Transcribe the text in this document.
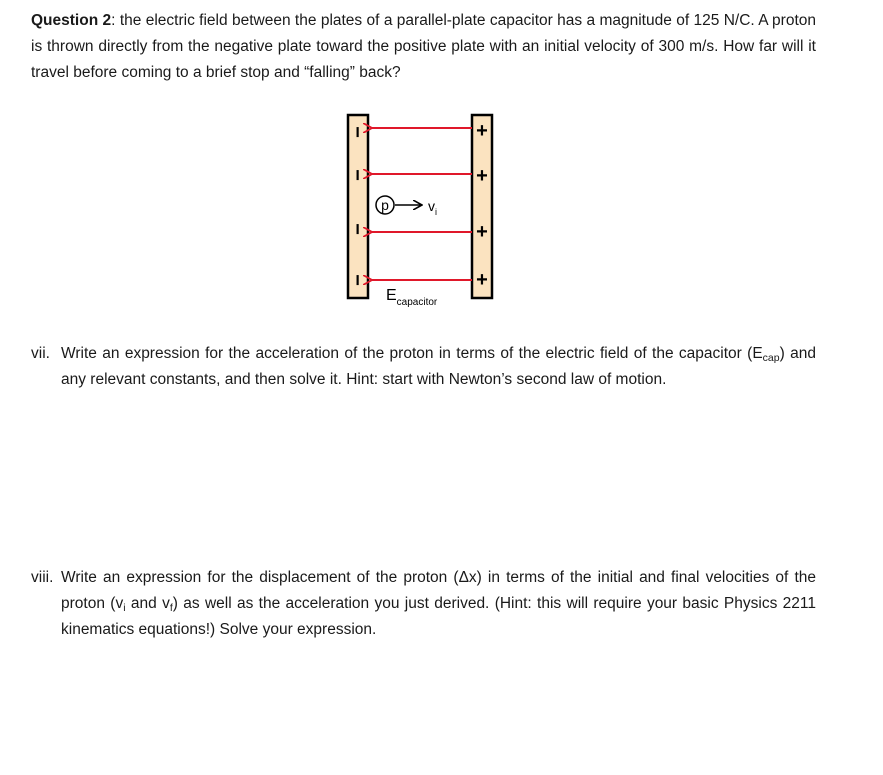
Question 2: the electric field between the plates of a parallel-plate capacitor has a magnitude of 125 N/C. A proton is thrown directly from the negative plate toward the positive plate with an initial velocity of 300 m/s. How far will it travel before coming to a brief stop and “falling” back?
−
−
−
−
+
+
+
+
p	$v_i$
$E_{capacitor}$
vii. Write an expression for the acceleration of the proton in terms of the electric field of the capacitor $(E_{cap})$ and any relevant constants, and then solve it. Hint: start with Newton’s second law of motion.
viii. Write an expression for the displacement of the proton (Δx) in terms of the initial and final velocities of the proton ($v_i$ and $v_f$) as well as the acceleration you just derived. (Hint: this will require your basic Physics 2211 kinematics equations!) Solve your expression.
